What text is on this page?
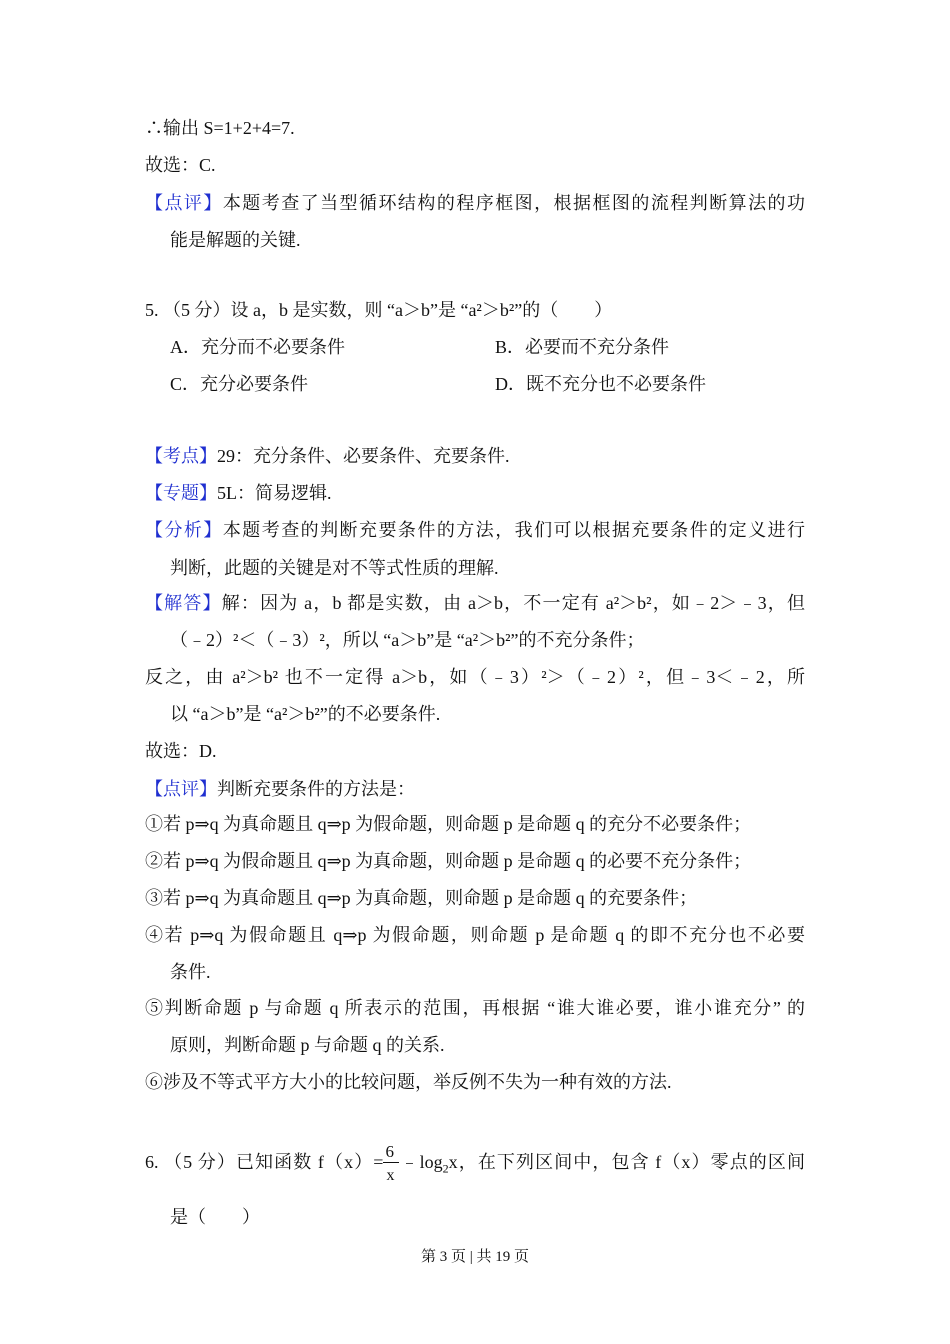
∴输出 S=1+2+4=7.
故选：C.
【点评】本题考查了当型循环结构的程序框图，根据框图的流程判断算法的功
能是解题的关键.
5. （5 分）设 a，b 是实数，则 “a＞b”是 “a²＞b²”的（　　）
A．充分而不必要条件	B．必要而不充分条件
C．充分必要条件	D．既不充分也不必要条件
【考点】29：充分条件、必要条件、充要条件.
【专题】5L：简易逻辑.
【分析】本题考查的判断充要条件的方法，我们可以根据充要条件的定义进行
判断，此题的关键是对不等式性质的理解.
【解答】解：因为 a，b 都是实数，由 a＞b，不一定有 a²＞b²，如﹣2＞﹣3，但
（﹣2）²＜（﹣3）²，所以 “a＞b”是 “a²＞b²”的不充分条件；
反之，由 a²＞b² 也不一定得 a＞b，如（﹣3）²＞（﹣2）²，但﹣3＜﹣2，所
以 “a＞b”是 “a²＞b²”的不必要条件.
故选：D.
【点评】判断充要条件的方法是：
①若 p⇒q 为真命题且 q⇒p 为假命题，则命题 p 是命题 q 的充分不必要条件；
②若 p⇒q 为假命题且 q⇒p 为真命题，则命题 p 是命题 q 的必要不充分条件；
③若 p⇒q 为真命题且 q⇒p 为真命题，则命题 p 是命题 q 的充要条件；
④若 p⇒q 为假命题且 q⇒p 为假命题，则命题 p 是命题 q 的即不充分也不必要
条件.
⑤判断命题 p 与命题 q 所表示的范围，再根据 “谁大谁必要，谁小谁充分” 的
原则，判断命题 p 与命题 q 的关系.
⑥涉及不等式平方大小的比较问题，举反例不失为一种有效的方法.
6. （5 分）已知函数 $f(x)= \frac{6}{x}$ $﹣\log_2x$，在下列区间中，包含 f（x）零点的区间
是（　　）
第 3 页 | 共 19 页
